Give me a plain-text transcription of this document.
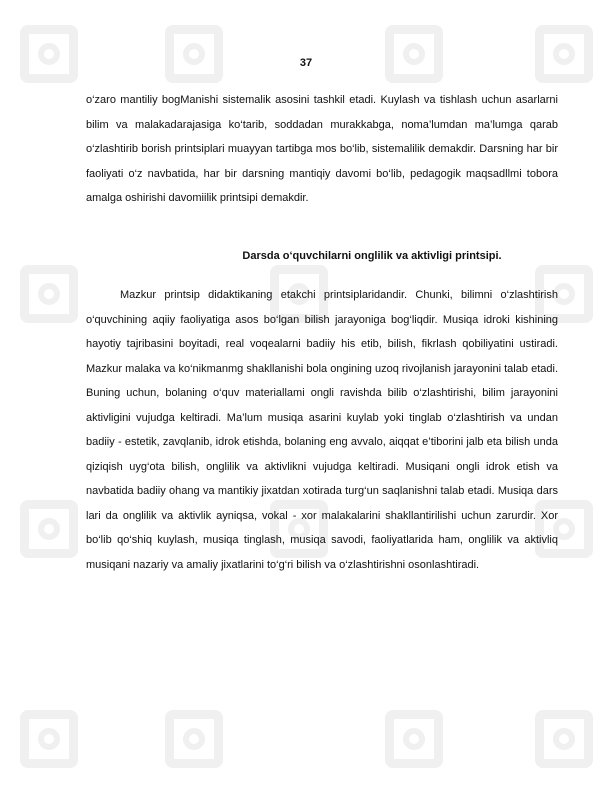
37

o‘zaro mantiliy bogManishi sistemalik asosini tashkil etadi. Kuylash va tishlash uchun asarlarni bilim va malakadarajasiga ko‘tarib, soddadan murakkabga, noma’lumdan ma’lumga qarab o‘zlashtirib borish printsiplari muayyan tartibga mos bo‘lib, sistemalilik demakdir. Darsning har bir faoliyati o‘z navbatida, har bir darsning mantiqiy davomi bo‘lib, pedagogik maqsadllmi tobora amalga oshirishi davomiilik printsipi demakdir.

Darsda o‘quvchilarni onglilik va aktivligi printsipi.

Mazkur printsip didaktikaning etakchi printsiplaridandir. Chunki, bilimni o‘zlashtirish o‘quvchining aqiiy faoliyatiga asos bo‘lgan bilish jarayoniga bog‘liqdir. Musiqa idroki kishining hayotiy tajribasini boyitadi, real voqealarni badiiy his etib, bilish, fikrlash qobiliyatini ustiradi. Mazkur malaka va ko‘nikmanmg shakllanishi bola ongining uzoq rivojlanish jarayonini talab etadi. Buning uchun, bolaning o‘quv materiallami ongli ravishda bilib o‘zlashtirishi, bilim jarayonini aktivligini vujudga keltiradi. Ma’lum musiqa asarini kuylab yoki tinglab o‘zlashtirish va undan badiiy - estetik, zavqlanib, idrok etishda, bolaning eng avvalo, aiqqat e’tiborini jalb eta bilish unda qiziqish uyg‘ota bilish, onglilik va aktivlikni vujudga keltiradi. Musiqani ongli idrok etish va navbatida badiiy ohang va mantikiy jixatdan xotirada turg‘un saqlanishni talab etadi. Musiqa dars lari da onglilik va aktivlik ayniqsa, vokal - xor malakalarini shakllantirilishi uchun zarurdir. Xor bo‘lib qo‘shiq kuylash, musiqa tinglash, musiqa savodi, faoliyatlarida ham, onglilik va aktivliq musiqani nazariy va amaliy jixatlarini to‘g‘ri bilish va o‘zlashtirishni osonlashtiradi.
